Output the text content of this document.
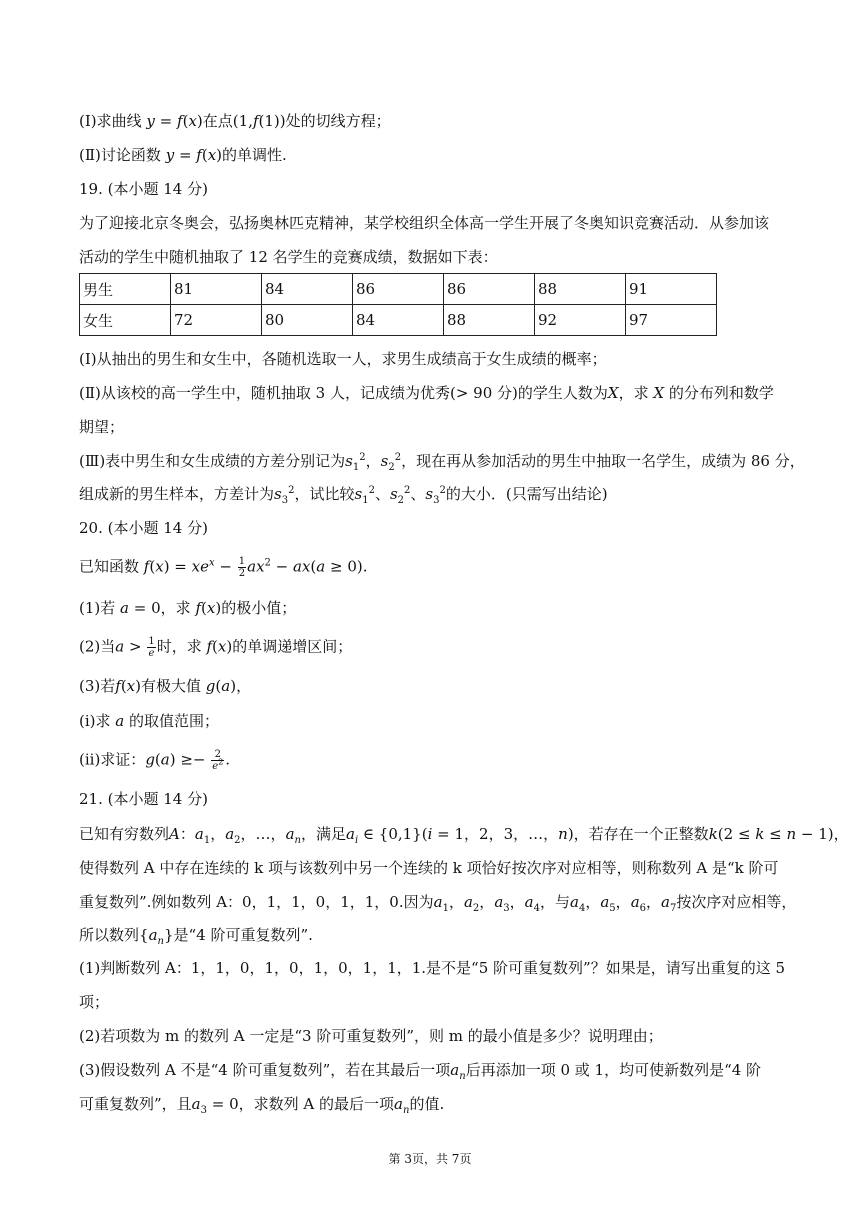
(Ⅰ)求曲线 y = f(x)在点(1,f(1))处的切线方程；
(Ⅱ)讨论函数 y = f(x)的单调性.
19. (本小题 14 分)
为了迎接北京冬奥会，弘扬奥林匹克精神，某学校组织全体高一学生开展了冬奥知识竞赛活动．从参加该
活动的学生中随机抽取了 12 名学生的竞赛成绩，数据如下表：
男生	81	84	86	86	88	91
女生	72	80	84	88	92	97
(Ⅰ)从抽出的男生和女生中，各随机选取一人，求男生成绩高于女生成绩的概率；
(Ⅱ)从该校的高一学生中，随机抽取 3 人，记成绩为优秀(> 90 分)的学生人数为X，求 X 的分布列和数学
期望；
(Ⅲ)表中男生和女生成绩的方差分别记为$s_1^2$，$s_2^2$，现在再从参加活动的男生中抽取一名学生，成绩为 86 分，
组成新的男生样本，方差计为$s_3^2$，试比较$s_1^2$、$s_2^2$、$s_3^2$的大小．(只需写出结论)
20. (本小题 14 分)
已知函数 $f(x) = xe^x - \frac{1}{2} ax^2 - ax(a \ge 0)$.
(1)若 a = 0，求 f(x)的极小值；
(2)当$a > \frac{1}{e}$ 时，求 f(x)的单调递增区间；
(3)若f(x)有极大值 g(a)，
(i)求 a 的取值范围；
(ii)求证：$g(a) \ge- \frac{2}{e^2}$ .
21. (本小题 14 分)
已知有穷数列A：$a_1$，$a_2$，…，$a_n$，满足$a_i$ ∈ {0,1}(i = 1，2，3，…，n)，若存在一个正整数k(2 ≤ k ≤ n − 1)，
使得数列 A 中存在连续的 k 项与该数列中另一个连续的 k 项恰好按次序对应相等，则称数列 A 是“k 阶可
重复数列”.例如数列 A：0，1，1，0，1，1，0.因为$a_1$，$a_2$，$a_3$，$a_4$，与$a_4$，$a_5$，$a_6$，$a_7$按次序对应相等，
所以数列$\{a_n\}$是“4 阶可重复数列”.
(1)判断数列 A：1，1，0，1，0，1，0，1，1，1.是不是“5 阶可重复数列”？如果是，请写出重复的这 5
项；
(2)若项数为 m 的数列 A 一定是“3 阶可重复数列”，则 m 的最小值是多少？说明理由；
(3)假设数列 A 不是“4 阶可重复数列”，若在其最后一项$a_n$后再添加一项 0 或 1，均可使新数列是“4 阶
可重复数列”，且$a_3 = 0$，求数列 A 的最后一项$a_n$的值.
第 3页，共 7页
